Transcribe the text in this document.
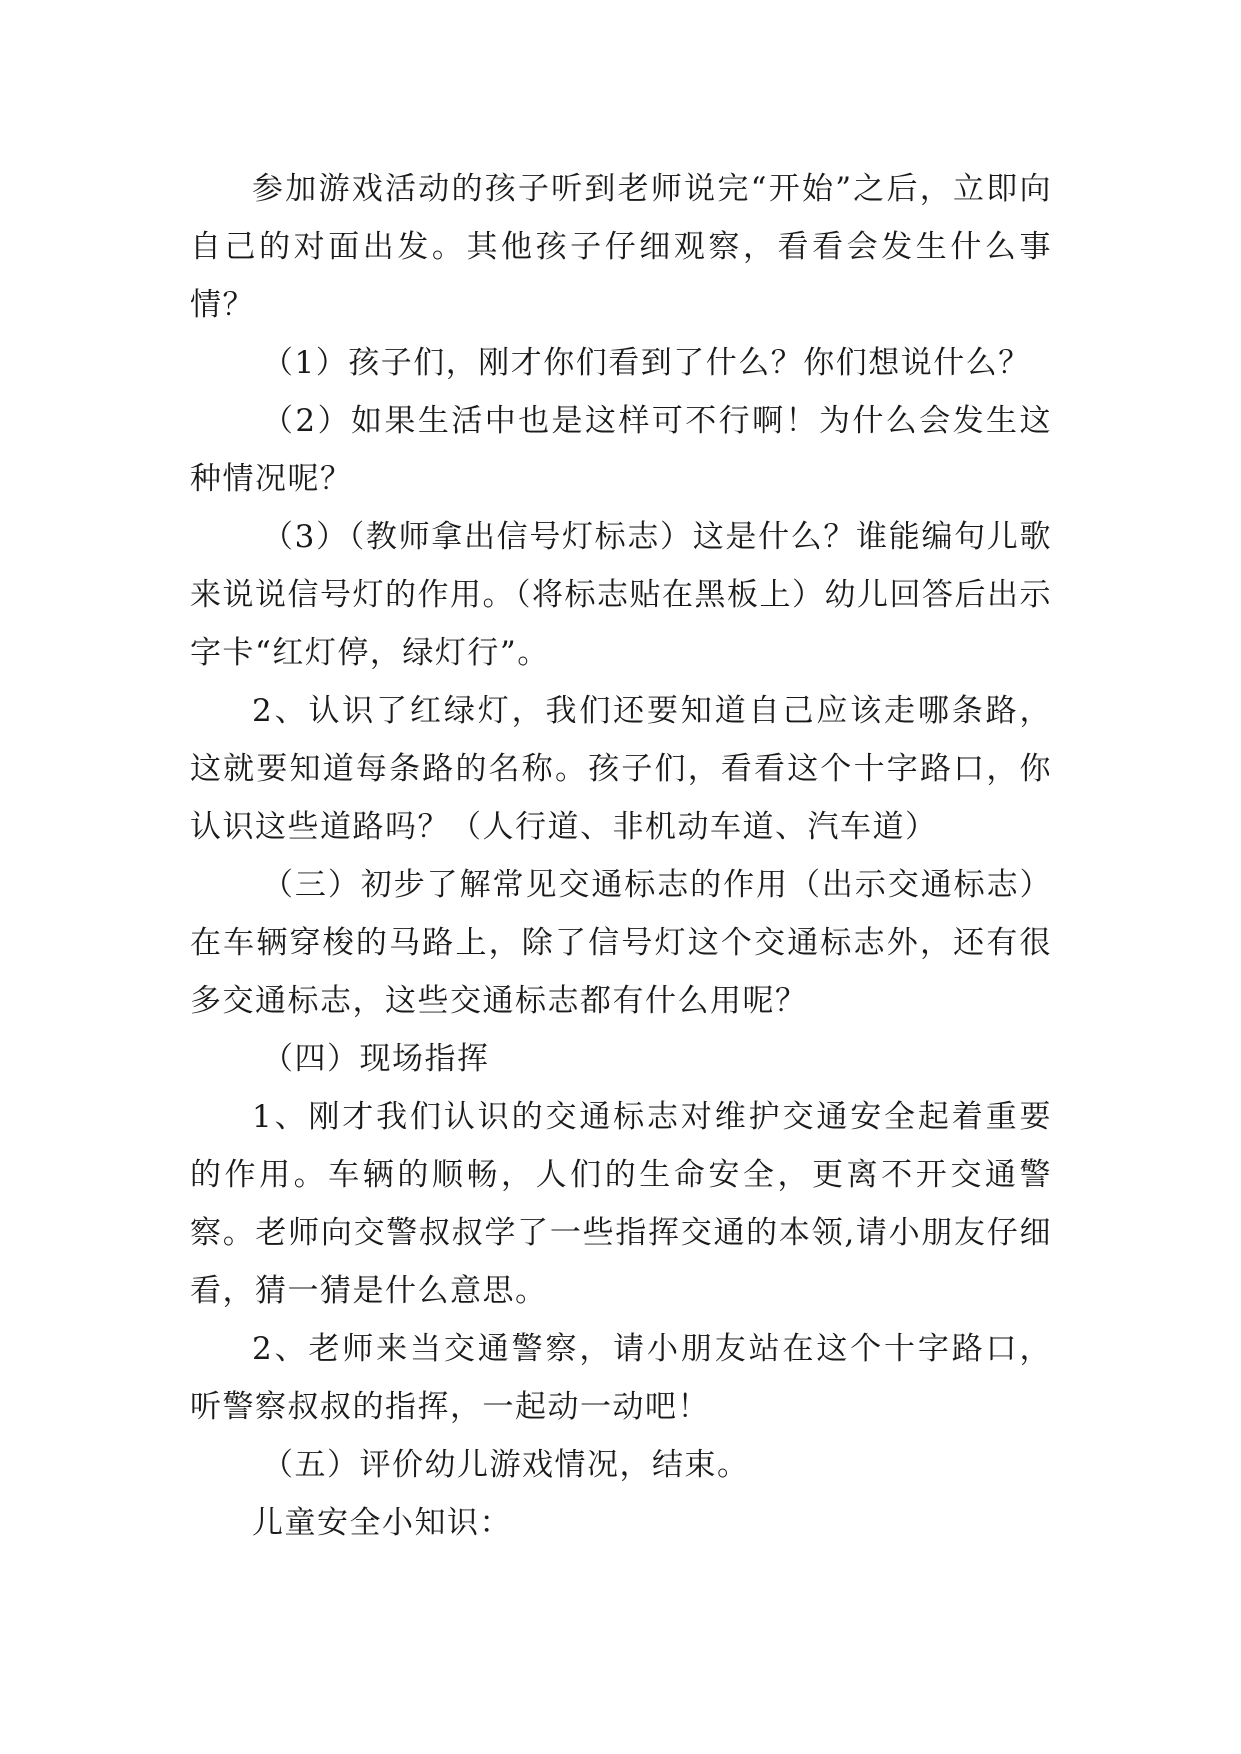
参加游戏活动的孩子听到老师说完“开始”之后，立即向自己的对面出发。其他孩子仔细观察，看看会发生什么事情？

（1）孩子们，刚才你们看到了什么？你们想说什么？

（2）如果生活中也是这样可不行啊！为什么会发生这种情况呢？

（3）（教师拿出信号灯标志）这是什么？谁能编句儿歌来说说信号灯的作用。（将标志贴在黑板上）幼儿回答后出示字卡“红灯停，绿灯行”。

2、认识了红绿灯，我们还要知道自己应该走哪条路，这就要知道每条路的名称。孩子们，看看这个十字路口，你认识这些道路吗？（人行道、非机动车道、汽车道）

（三）初步了解常见交通标志的作用（出示交通标志）在车辆穿梭的马路上，除了信号灯这个交通标志外，还有很多交通标志，这些交通标志都有什么用呢？

（四）现场指挥

1、刚才我们认识的交通标志对维护交通安全起着重要的作用。车辆的顺畅，人们的生命安全，更离不开交通警察。老师向交警叔叔学了一些指挥交通的本领,请小朋友仔细看，猜一猜是什么意思。

2、老师来当交通警察，请小朋友站在这个十字路口，听警察叔叔的指挥，一起动一动吧！

（五）评价幼儿游戏情况，结束。

儿童安全小知识：
